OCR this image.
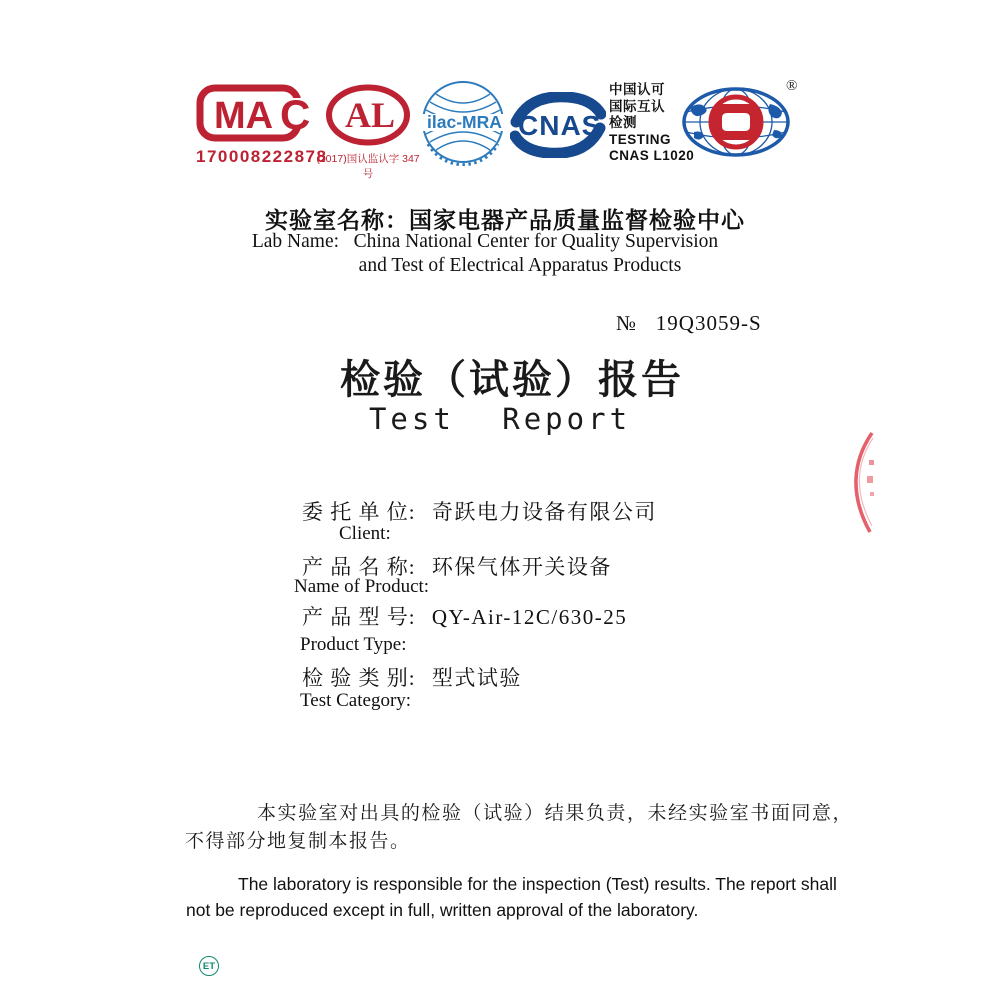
MA C
170008222878
AL
(2017)国认监认字 347 号
ilac-MRA CNAS
中国认可
国际互认
检测
TESTING
CNAS L1020
®
实验室名称：国家电器产品质量监督检验中心
Lab Name: China National Center for Quality Supervision
and Test of Electrical Apparatus Products
№ 19Q3059-S
检验（试验）报告
Test Report
委 托 单 位: 奇跃电力设备有限公司
Client:
产 品 名 称: 环保气体开关设备
Name of Product:
产 品 型 号: QY-Air-12C/630-25
Product Type:
检 验 类 别: 型式试验
Test Category:
本实验室对出具的检验（试验）结果负责，未经实验室书面同意，不得部分地复制本报告。
The laboratory is responsible for the inspection (Test) results. The report shall not be reproduced except in full, written approval of the laboratory.
ET
